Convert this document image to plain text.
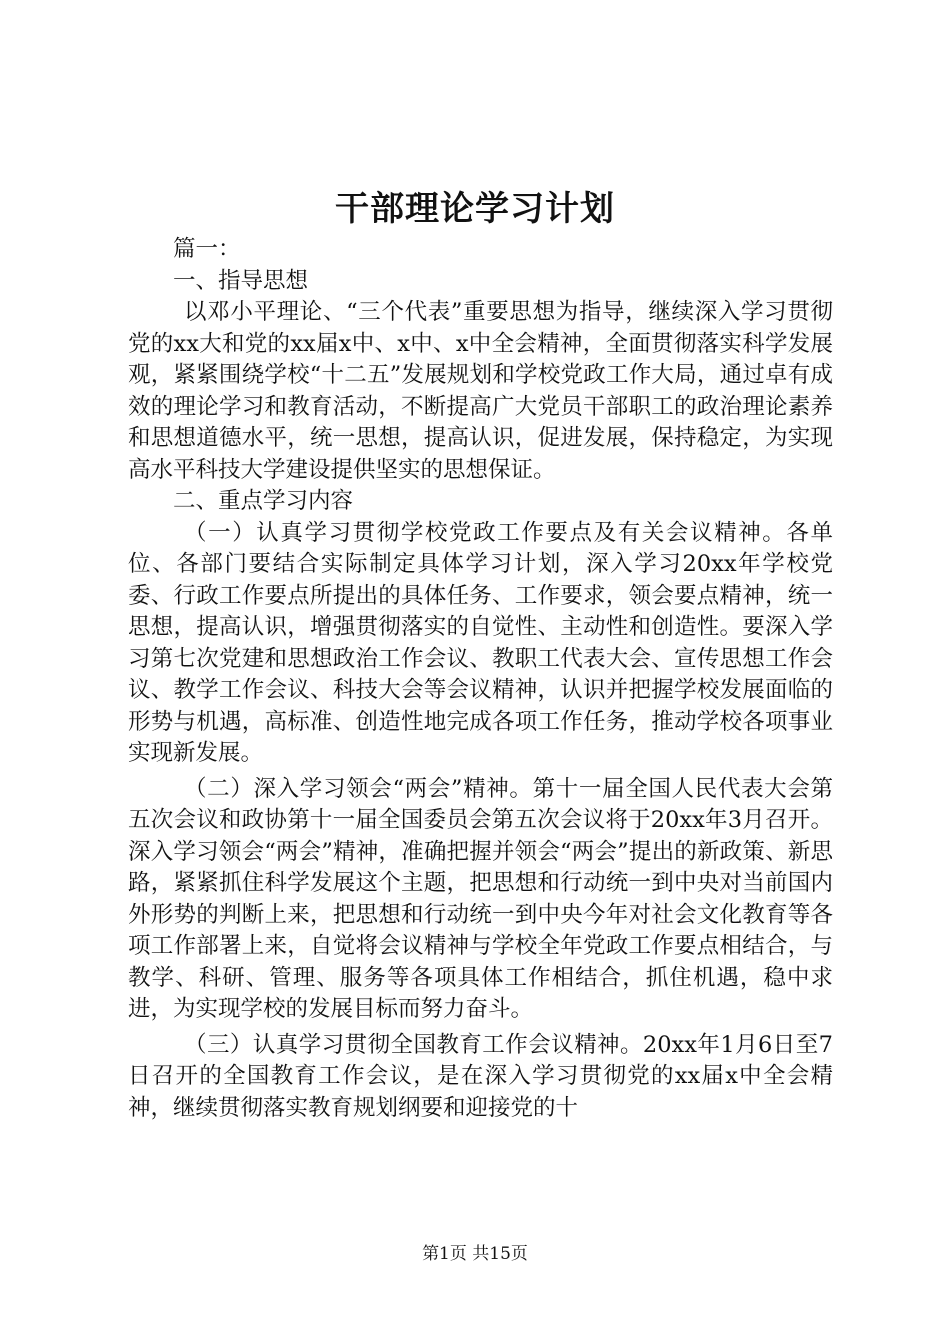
干部理论学习计划

篇一：

一、指导思想

以邓小平理论、“三个代表”重要思想为指导，继续深入学习贯彻党的xx大和党的xx届x中、x中、x中全会精神，全面贯彻落实科学发展观，紧紧围绕学校“十二五”发展规划和学校党政工作大局，通过卓有成效的理论学习和教育活动，不断提高广大党员干部职工的政治理论素养和思想道德水平，统一思想，提高认识，促进发展，保持稳定，为实现高水平科技大学建设提供坚实的思想保证。

二、重点学习内容

（一）认真学习贯彻学校党政工作要点及有关会议精神。各单位、各部门要结合实际制定具体学习计划，深入学习20xx年学校党委、行政工作要点所提出的具体任务、工作要求，领会要点精神，统一思想，提高认识，增强贯彻落实的自觉性、主动性和创造性。要深入学习第七次党建和思想政治工作会议、教职工代表大会、宣传思想工作会议、教学工作会议、科技大会等会议精神，认识并把握学校发展面临的形势与机遇，高标准、创造性地完成各项工作任务，推动学校各项事业实现新发展。

（二）深入学习领会“两会”精神。第十一届全国人民代表大会第五次会议和政协第十一届全国委员会第五次会议将于20xx年3月召开。深入学习领会“两会”精神，准确把握并领会“两会”提出的新政策、新思路，紧紧抓住科学发展这个主题，把思想和行动统一到中央对当前国内外形势的判断上来，把思想和行动统一到中央今年对社会文化教育等各项工作部署上来，自觉将会议精神与学校全年党政工作要点相结合，与教学、科研、管理、服务等各项具体工作相结合，抓住机遇，稳中求进，为实现学校的发展目标而努力奋斗。

（三）认真学习贯彻全国教育工作会议精神。20xx年1月6日至7日召开的全国教育工作会议，是在深入学习贯彻党的xx届x中全会精神，继续贯彻落实教育规划纲要和迎接党的十

第1页 共15页
